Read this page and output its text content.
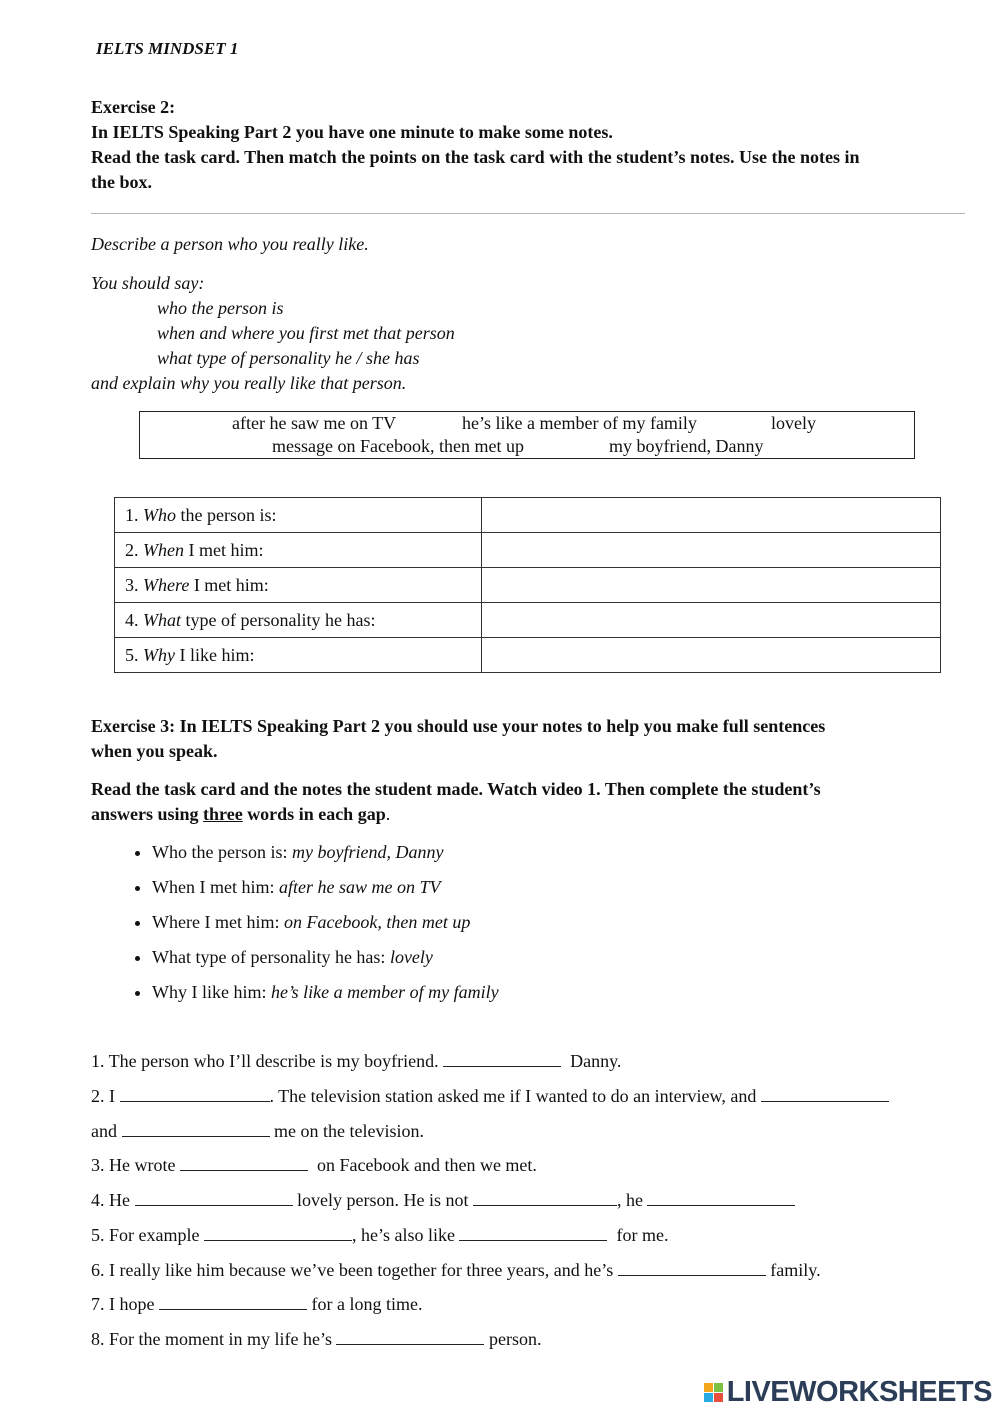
IELTS MINDSET 1
Exercise 2:
In IELTS Speaking Part 2 you have one minute to make some notes.
Read the task card. Then match the points on the task card with the student’s notes. Use the notes in
the box.
Describe a person who you really like.
You should say:
who the person is
when and where you first met that person
what type of personality he / she has
and explain why you really like that person.
after he saw me on TV	he’s like a member of my family	lovely
message on Facebook, then met up	my boyfriend, Danny
1. Who the person is:	
2. When I met him:	
3. Where I met him:	
4. What type of personality he has:	
5. Why I like him:	
Exercise 3: In IELTS Speaking Part 2 you should use your notes to help you make full sentences
when you speak.
Read the task card and the notes the student made. Watch video 1. Then complete the student’s
answers using three words in each gap.
• Who the person is: my boyfriend, Danny
• When I met him: after he saw me on TV
• Where I met him: on Facebook, then met up
• What type of personality he has: lovely
• Why I like him: he’s like a member of my family
1. The person who I’ll describe is my boyfriend.	Danny.
2. I	. The television station asked me if I wanted to do an interview, and
and	me on the television.
3. He wrote	on Facebook and then we met.
4. He	lovely person. He is not	, he
5. For example	, he’s also like	for me.
6. I really like him because we’ve been together for three years, and he’s	family.
7. I hope	for a long time.
8. For the moment in my life he’s	person.
LIVEWORKSHEETS
